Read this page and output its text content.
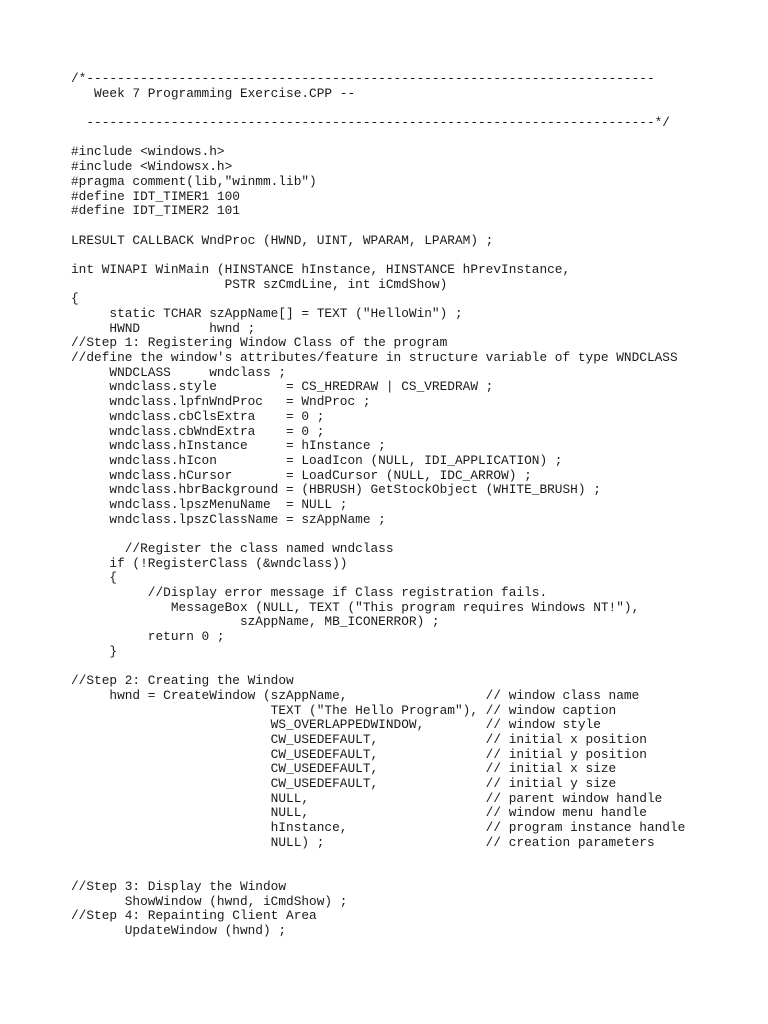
/*--------------------------------------------------------------------------
Week 7 Programming Exercise.CPP --
--------------------------------------------------------------------------*/
#include <windows.h>
#include <Windowsx.h>
#pragma comment(lib,"winmm.lib")
#define IDT_TIMER1 100
#define IDT_TIMER2 101
LRESULT CALLBACK WndProc (HWND, UINT, WPARAM, LPARAM) ;
int WINAPI WinMain (HINSTANCE hInstance, HINSTANCE hPrevInstance,
PSTR szCmdLine, int iCmdShow)
{
static TCHAR szAppName[] = TEXT ("HelloWin") ;
HWND         hwnd ;
//Step 1: Registering Window Class of the program
//define the window's attributes/feature in structure variable of type WNDCLASS
WNDCLASS     wndclass ;
wndclass.style         = CS_HREDRAW | CS_VREDRAW ;
wndclass.lpfnWndProc   = WndProc ;
wndclass.cbClsExtra    = 0 ;
wndclass.cbWndExtra    = 0 ;
wndclass.hInstance     = hInstance ;
wndclass.hIcon         = LoadIcon (NULL, IDI_APPLICATION) ;
wndclass.hCursor       = LoadCursor (NULL, IDC_ARROW) ;
wndclass.hbrBackground = (HBRUSH) GetStockObject (WHITE_BRUSH) ;
wndclass.lpszMenuName  = NULL ;
wndclass.lpszClassName = szAppName ;
//Register the class named wndclass
if (!RegisterClass (&wndclass))
{
//Display error message if Class registration fails.
MessageBox (NULL, TEXT ("This program requires Windows NT!"),
szAppName, MB_ICONERROR) ;
return 0 ;
}
//Step 2: Creating the Window
hwnd = CreateWindow (szAppName,                  // window class name
TEXT ("The Hello Program"), // window caption
WS_OVERLAPPEDWINDOW,        // window style
CW_USEDEFAULT,              // initial x position
CW_USEDEFAULT,              // initial y position
CW_USEDEFAULT,              // initial x size
CW_USEDEFAULT,              // initial y size
NULL,                       // parent window handle
NULL,                       // window menu handle
hInstance,                  // program instance handle
NULL) ;                     // creation parameters
//Step 3: Display the Window
ShowWindow (hwnd, iCmdShow) ;
//Step 4: Repainting Client Area
UpdateWindow (hwnd) ;
